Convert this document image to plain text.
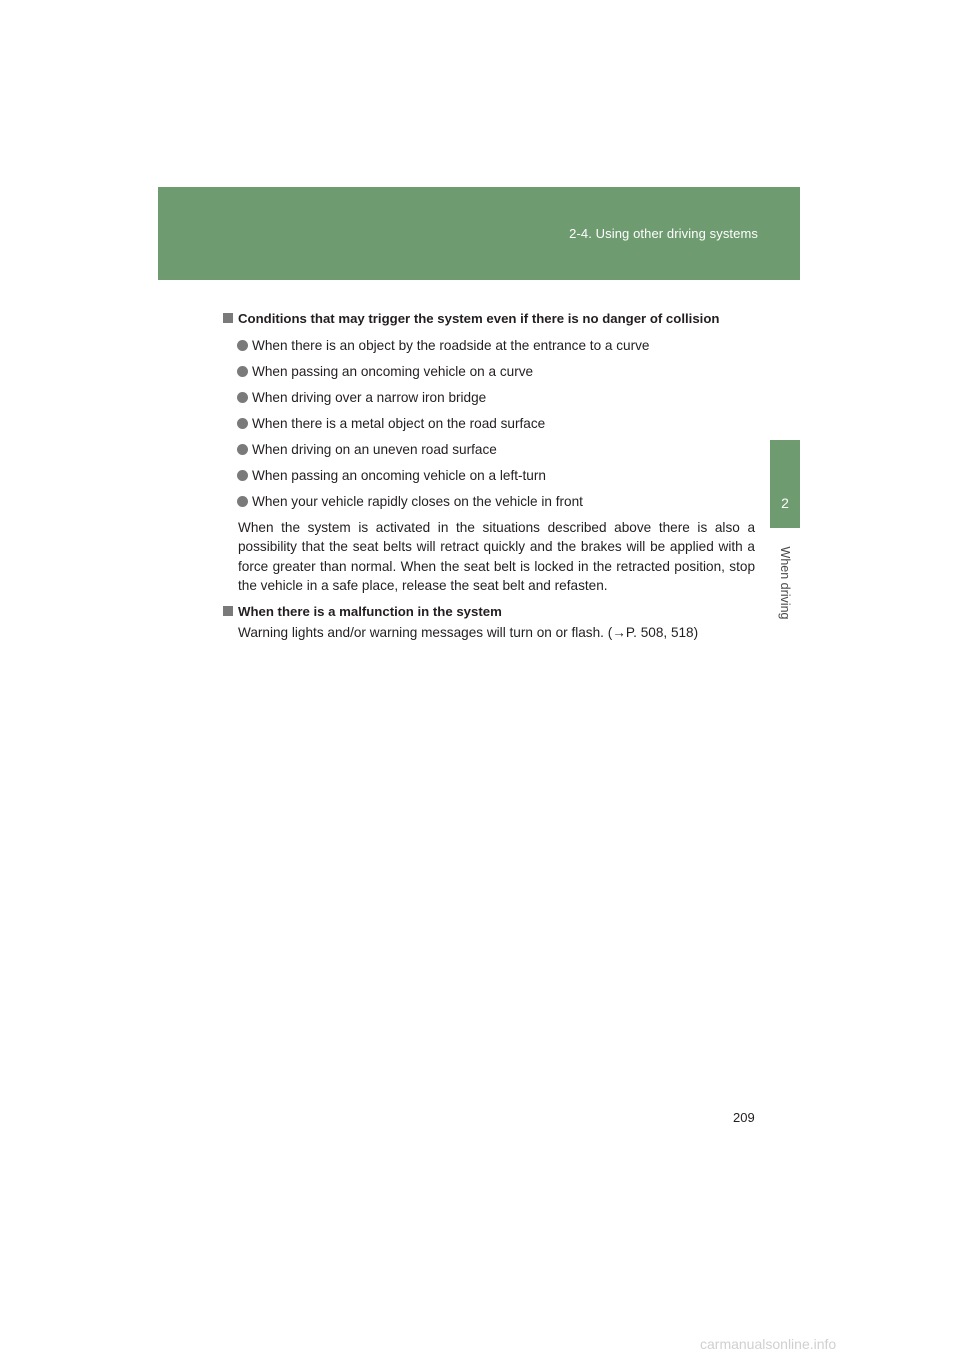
2-4. Using other driving systems
2
When driving
Conditions that may trigger the system even if there is no danger of collision
When there is an object by the roadside at the entrance to a curve
When passing an oncoming vehicle on a curve
When driving over a narrow iron bridge
When there is a metal object on the road surface
When driving on an uneven road surface
When passing an oncoming vehicle on a left-turn
When your vehicle rapidly closes on the vehicle in front

When the system is activated in the situations described above there is also a possibility that the seat belts will retract quickly and the brakes will be applied with a force greater than normal. When the seat belt is locked in the retracted position, stop the vehicle in a safe place, release the seat belt and refasten.

When there is a malfunction in the system

Warning lights and/or warning messages will turn on or flash. (→P. 508, 518)

209
carmanualsonline.info
